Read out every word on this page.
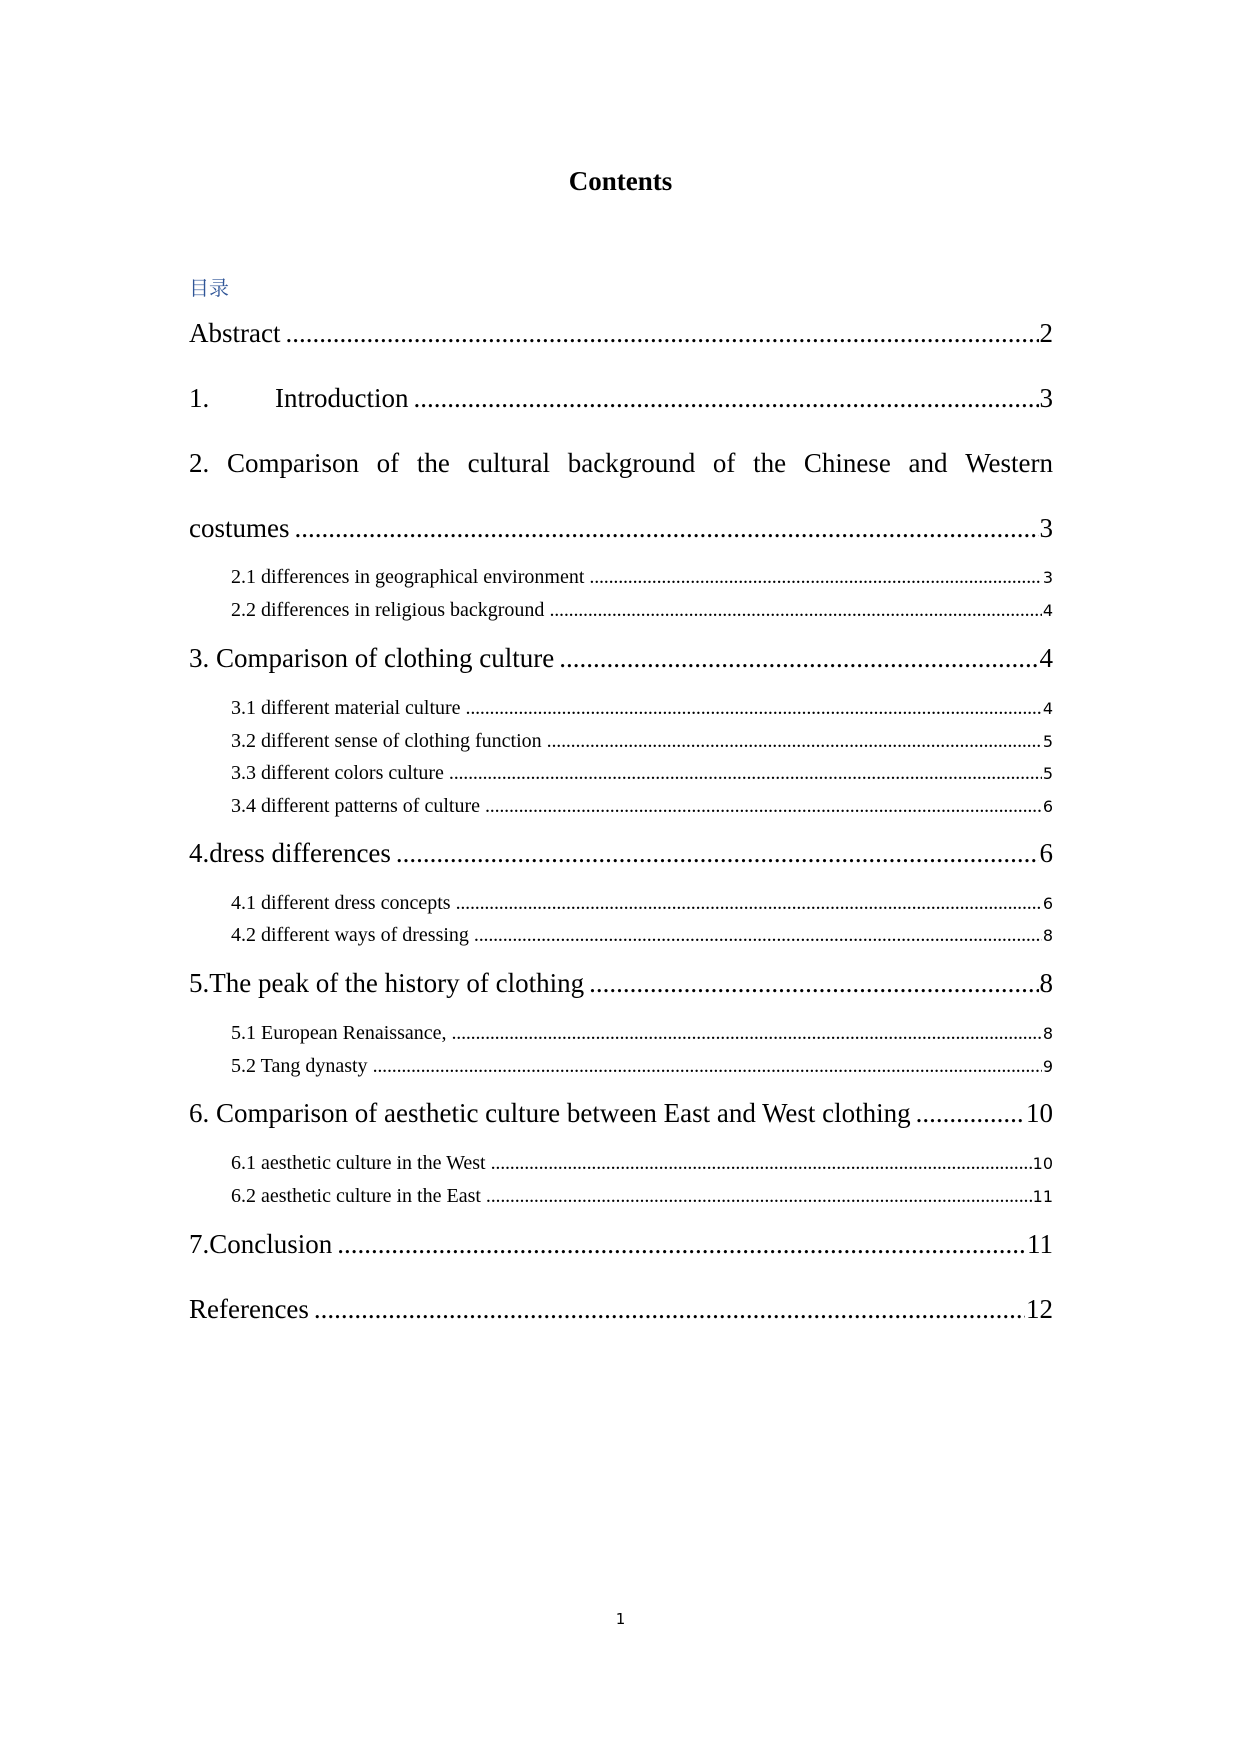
Contents
目录
Abstract .....	2
1. Introduction .....	3
2. Comparison of the cultural background of the Chinese and Western
costumes .....	3
2.1 differences in geographical environment .....	3
2.2 differences in religious background .....	4
3. Comparison of clothing culture .....	4
3.1 different material culture .....	4
3.2 different sense of clothing function .....	5
3.3 different colors culture .....	5
3.4 different patterns of culture .....	6
4.dress differences .....	6
4.1 different dress concepts .....	6
4.2 different ways of dressing .....	8
5.The peak of the history of clothing .....	8
5.1 European Renaissance, .....	8
5.2 Tang dynasty .....	9
6. Comparison of aesthetic culture between East and West clothing .....	10
6.1 aesthetic culture in the West .....	10
6.2 aesthetic culture in the East .....	11
7.Conclusion .....	11
References .....	12
1
